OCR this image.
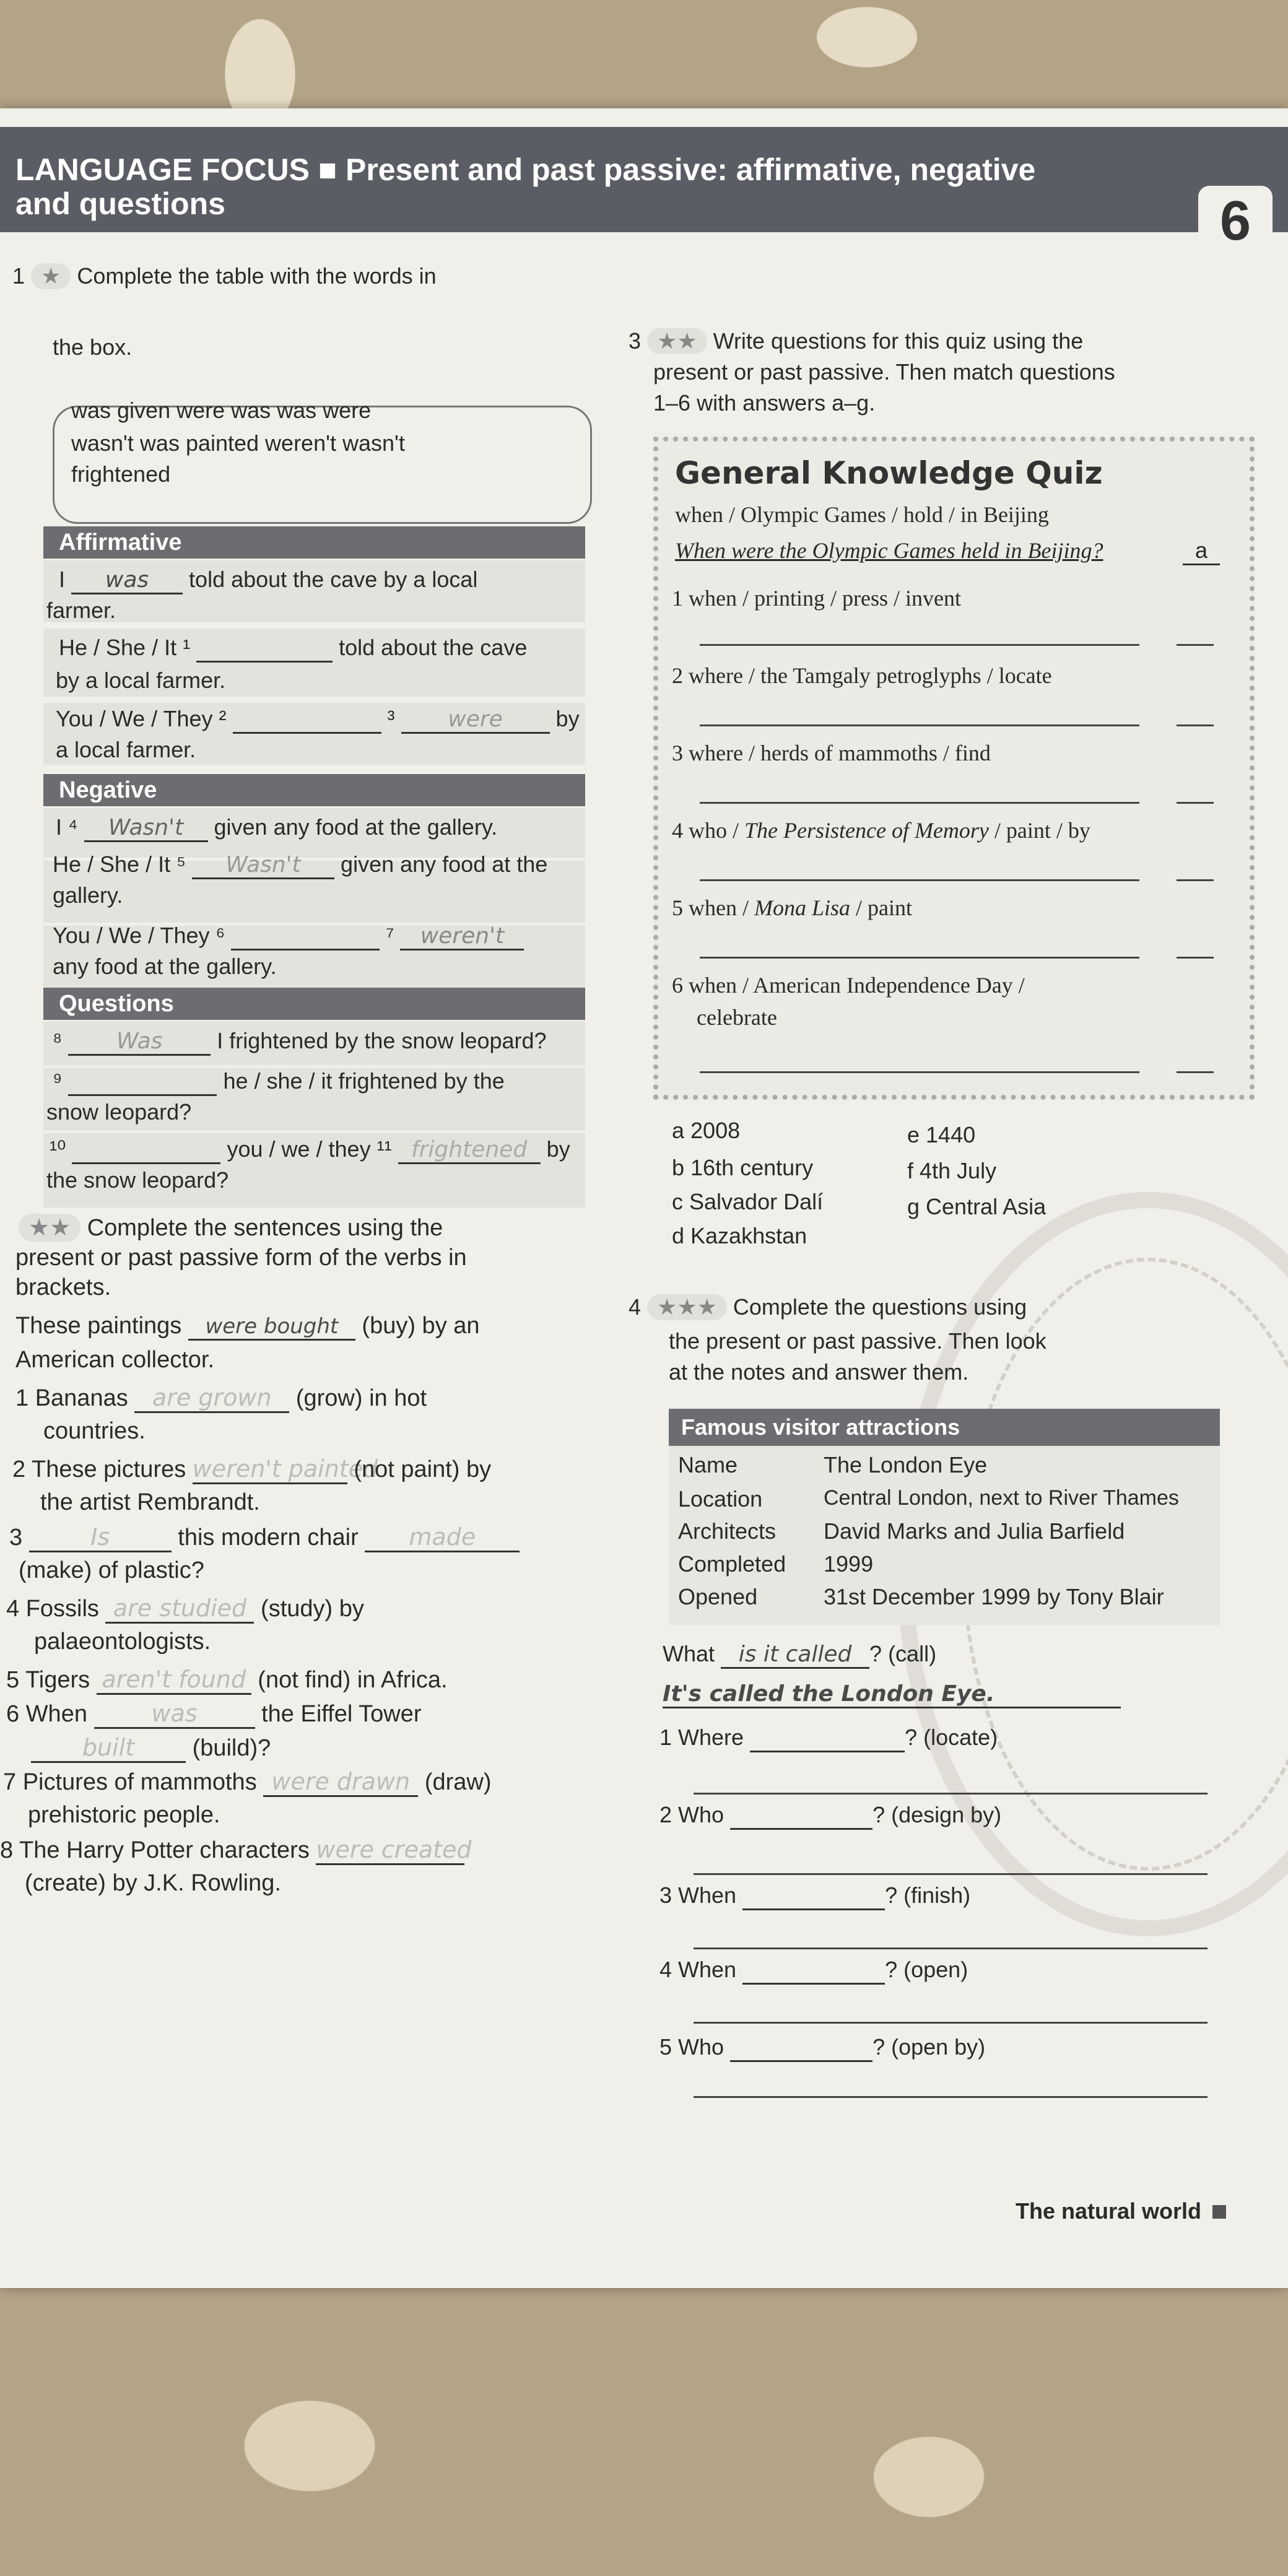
LANGUAGE FOCUS ■ Present and past passive: affirmative, negative
and questions	6
1 ★ Complete the table with the words in
the box.
was given were was was were
wasn't was painted weren't wasn't
frightened
Affirmative
I was told about the cave by a local
farmer.
He / She / It ¹	told about the cave
by a local farmer.
You / We / They ²	³ were by
a local farmer.
Negative
I ⁴ Wasn't given any food at the gallery.
He / She / It ⁵ Wasn't given any food at the
gallery.
You / We / They ⁶	⁷ weren't
any food at the gallery.
Questions
⁸ Was I frightened by the snow leopard?
⁹	he / she / it frightened by the
snow leopard?
¹⁰	you / we / they ¹¹ frightened by
the snow leopard?
★★ Complete the sentences using the
present or past passive form of the verbs in
brackets.
These paintings were bought (buy) by an
American collector.
1 Bananas are grown (grow) in hot
countries.
2 These pictures weren't painted (not paint) by
the artist Rembrandt.
3	Is	this modern chair made
(make) of plastic?
4 Fossils are studied (study) by
palaeontologists.
5 Tigers aren't found (not find) in Africa.
6 When	was	the Eiffel Tower
built (build)?
7 Pictures of mammoths were drawn (draw)
prehistoric people.
8 The Harry Potter characters were created
(create) by J.K. Rowling.
3 ★★ Write questions for this quiz using the
present or past passive. Then match questions
1–6 with answers a–g.
General Knowledge Quiz
when / Olympic Games / hold / in Beijing
When were the Olympic Games held in Beijing?	a
1 when / printing / press / invent
2 where / the Tamgaly petroglyphs / locate
3 where / herds of mammoths / find
4 who / The Persistence of Memory / paint / by
5 when / Mona Lisa / paint
6 when / American Independence Day /
celebrate
a 2008
b 16th century
c Salvador Dalí
d Kazakhstan
e 1440
f 4th July
g Central Asia
4 ★★★ Complete the questions using
the present or past passive. Then look
at the notes and answer them.
Famous visitor attractions
Name	The London Eye
Location	Central London, next to River Thames
Architects David Marks and Julia Barfield
Completed 1999
Opened	31st December 1999 by Tony Blair
What is it called ? (call)
It's called the London Eye.
1 Where	? (locate)
2 Who	? (design by)
3 When	? (finish)
4 When	? (open)
5 Who	? (open by)
The natural world
